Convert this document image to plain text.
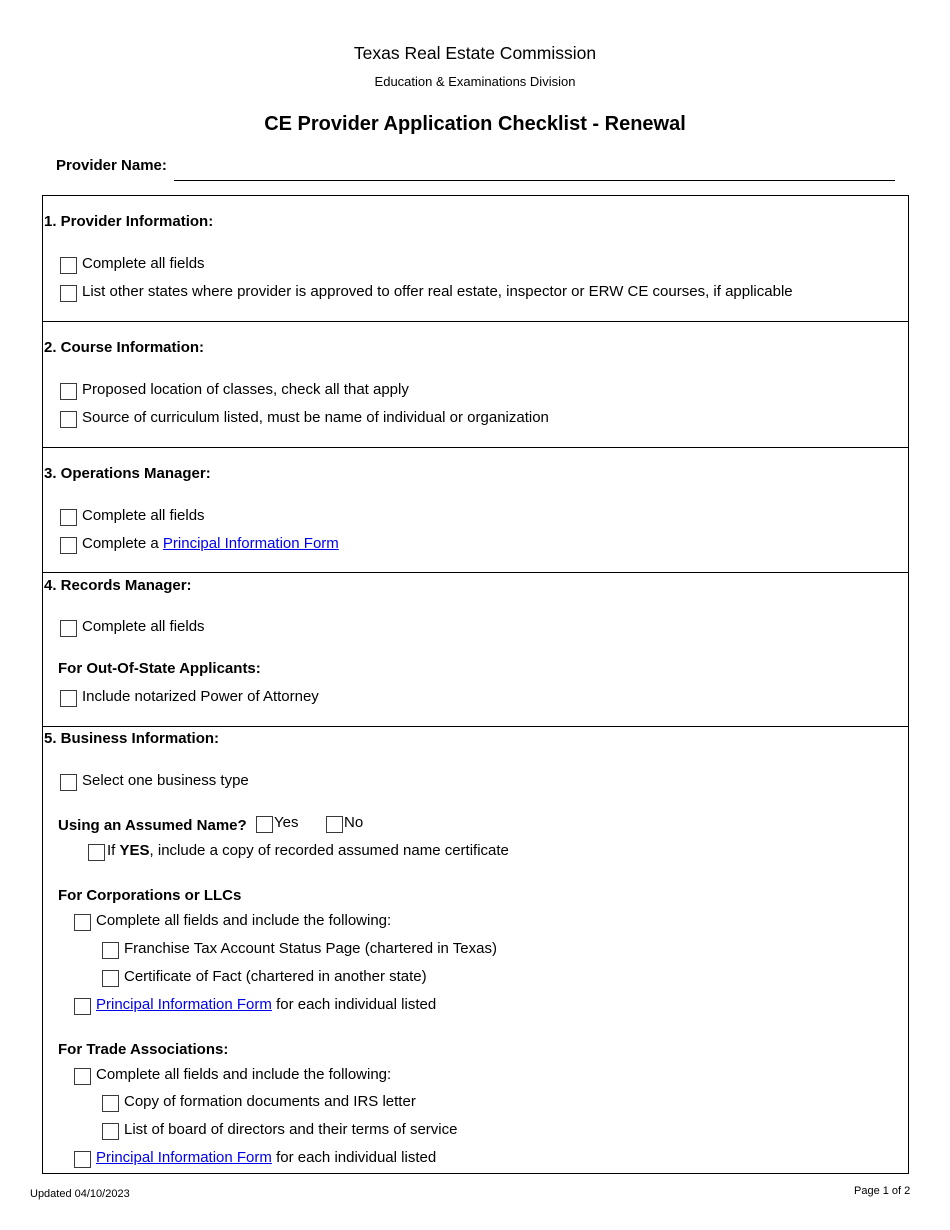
Texas Real Estate Commission
Education & Examinations Division
CE Provider Application Checklist - Renewal
Provider Name:
1. Provider Information:
Complete all fields
List other states where provider is approved to offer real estate, inspector or ERW CE courses, if applicable
2. Course Information:
Proposed location of classes, check all that apply
Source of curriculum listed, must be name of individual or organization
3. Operations Manager:
Complete all fields
Complete a Principal Information Form
4. Records Manager:
Complete all fields
For Out-Of-State Applicants:
Include notarized Power of Attorney
5. Business Information:
Select one business type
Using an Assumed Name? Yes	No
If YES, include a copy of recorded assumed name certificate
For Corporations or LLCs
Complete all fields and include the following:
Franchise Tax Account Status Page (chartered in Texas)
Certificate of Fact (chartered in another state)
Principal Information Form for each individual listed
For Trade Associations:
Complete all fields and include the following:
Copy of formation documents and IRS letter
List of board of directors and their terms of service
Principal Information Form for each individual listed
Updated 04/10/2023	Page 1 of 2
